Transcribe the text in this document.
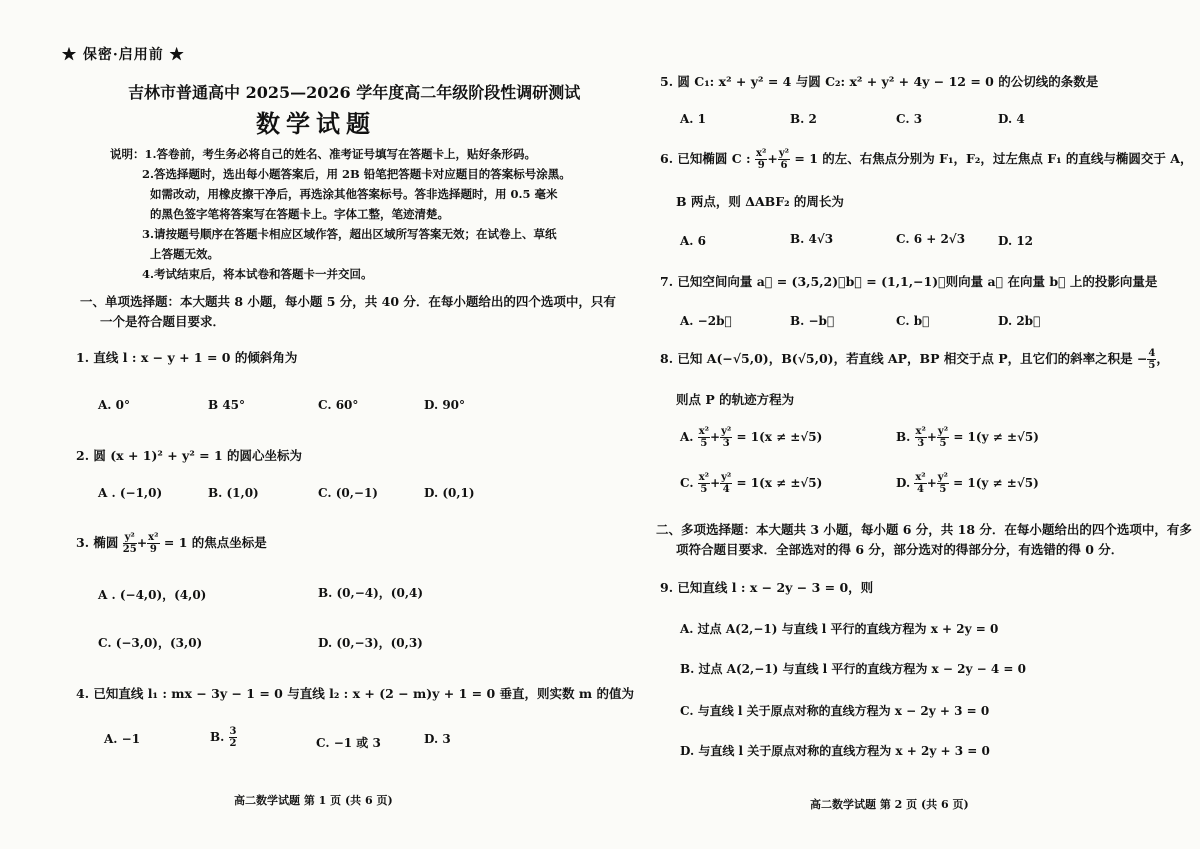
★ 保密·启用前 ★
吉林市普通高中 2025—2026 学年度高二年级阶段性调研测试
数学试题
说明：1.答卷前，考生务必将自己的姓名、准考证号填写在答题卡上，贴好条形码。
2.答选择题时，选出每小题答案后，用 2B 铅笔把答题卡对应题目的答案标号涂黑。
如需改动，用橡皮擦干净后，再选涂其他答案标号。答非选择题时，用 0.5 毫米
的黑色签字笔将答案写在答题卡上。字体工整，笔迹清楚。
3.请按题号顺序在答题卡相应区域作答，超出区域所写答案无效；在试卷上、草纸
上答题无效。
4.考试结束后，将本试卷和答题卡一并交回。
一、单项选择题：本大题共 8 小题，每小题 5 分，共 40 分．在每小题给出的四个选项中，只有
一个是符合题目要求．
1. 直线 l : x − y + 1 = 0 的倾斜角为
A. 0°	B 45°	C. 60°	D. 90°
2. 圆 (x + 1)² + y² = 1 的圆心坐标为
A . (−1,0)	B. (1,0)	C. (0,−1)	D. (0,1)
3. 椭圆 $\frac{\text{y²}}{25} + \frac{\text{x²}}{9} = 1$ 的焦点坐标是
A . (−4,0)，(4,0)	B. (0,−4)，(0,4)
C. (−3,0)，(3,0)	D. (0,−3)，(0,3)
4. 已知直线 l₁ : mx − 3y − 1 = 0 与直线 l₂ : x + (2 − m)y + 1 = 0 垂直，则实数 m 的值为
A. −1	B. $\frac{3}{2}$	C. −1 或 3	D. 3
高二数学试题 第 1 页 (共 6 页)
5. 圆 C₁: x² + y² = 4 与圆 C₂: x² + y² + 4y − 12 = 0 的公切线的条数是
A. 1	B. 2	C. 3	D. 4
6. 已知椭圆 C : $\frac{\text{x²}}{9} + \frac{\text{y²}}{6} = 1$ 的左、右焦点分别为 F₁，F₂，过左焦点 F₁ 的直线与椭圆交于 A，
B 两点，则 ΔABF₂ 的周长为
A. 6	B. 4√3	C. 6 + 2√3	D. 12
7. 已知空间向量 a⃗ = (3,5,2)，b⃗ = (1,1,−1)，则向量 a⃗ 在向量 b⃗ 上的投影向量是
A. −2b⃗	B. −b⃗	C. b⃗	D. 2b⃗
8. 已知 A(−√5,0)，B(√5,0)，若直线 AP，BP 相交于点 P，且它们的斜率之积是 − $\frac{4}{5}$ ，
则点 P 的轨迹方程为
A. $\frac{\text{x²}}{5} + \frac{\text{y²}}{3} = 1(x \ne \pm√5)$	B. $\frac{\text{x²}}{3} + \frac{\text{y²}}{5} = 1(y \ne \pm√5)$
C. $\frac{\text{x²}}{5} + \frac{\text{y²}}{4} = 1(x \ne \pm√5)$	D. $\frac{\text{x²}}{4} + \frac{\text{y²}}{5} = 1(y \ne \pm√5)$
二、多项选择题：本大题共 3 小题，每小题 6 分，共 18 分．在每小题给出的四个选项中，有多
项符合题目要求．全部选对的得 6 分，部分选对的得部分分，有选错的得 0 分．
9. 已知直线 l : x − 2y − 3 = 0，则
A. 过点 A(2,−1) 与直线 l 平行的直线方程为 x + 2y = 0
B. 过点 A(2,−1) 与直线 l 平行的直线方程为 x − 2y − 4 = 0
C. 与直线 l 关于原点对称的直线方程为 x − 2y + 3 = 0
D. 与直线 l 关于原点对称的直线方程为 x + 2y + 3 = 0
高二数学试题 第 2 页 (共 6 页)
